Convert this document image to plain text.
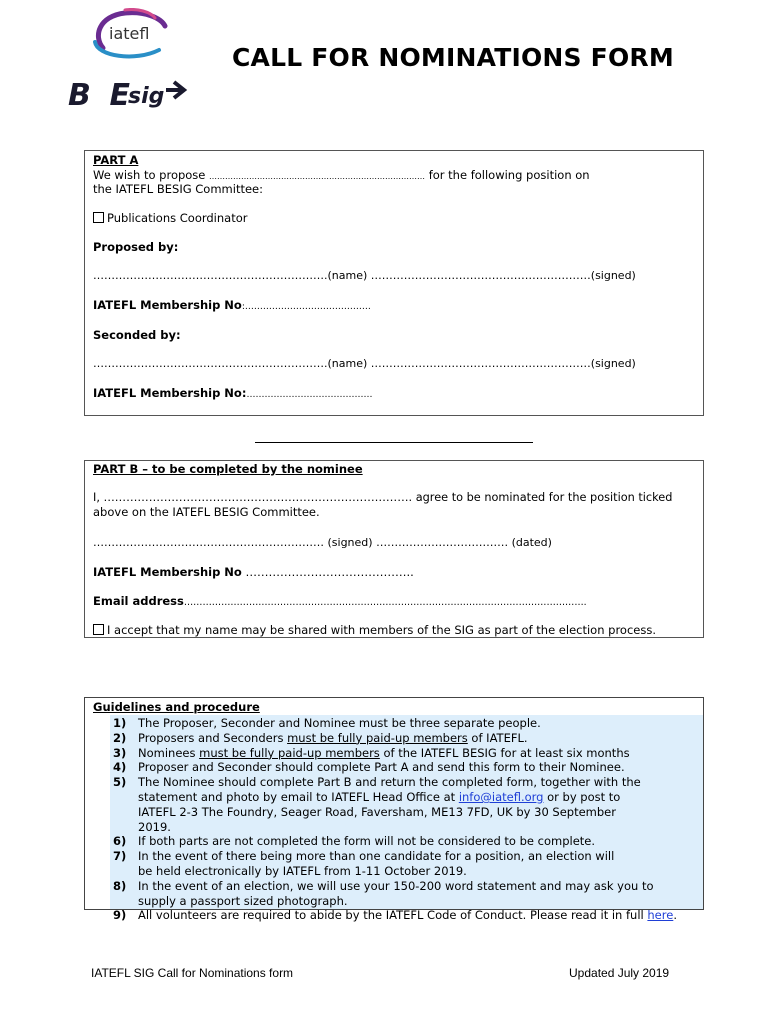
iatefl
BE
sig
CALL FOR NOMINATIONS FORM
PART A
We wish to propose ……………………………………………………………………… for the following position on
the IATEFL BESIG Committee:
Publications Coordinator
Proposed by:
……………………………………………………….(name) ……………………………………………………(signed)
IATEFL Membership No:……………………………………
Seconded by:
……………………………………………………….(name) ……………………………………………………(signed)
IATEFL Membership No:……………………………………
PART B – to be completed by the nominee
I, ………………………………………………………………………. agree to be nominated for the position ticked
above on the IATEFL BESIG Committee.
……………………………………………………… (signed) ……………………………… (dated)
IATEFL Membership No ……………………………………..
Email address………………………………………………………………………………………………………………….
I accept that my name may be shared with members of the SIG as part of the election process.
Guidelines and procedure
1) The Proposer, Seconder and Nominee must be three separate people.
2) Proposers and Seconders must be fully paid-up members of IATEFL.
3) Nominees must be fully paid-up members of the IATEFL BESIG for at least six months
4) Proposer and Seconder should complete Part A and send this form to their Nominee.
5) The Nominee should complete Part B and return the completed form, together with the statement and photo by email to IATEFL Head Office at info@iatefl.org or by post to IATEFL 2-3 The Foundry, Seager Road, Faversham, ME13 7FD, UK by 30 September 2019.
6) If both parts are not completed the form will not be considered to be complete.
7) In the event of there being more than one candidate for a position, an election will be held electronically by IATEFL from 1-11 October 2019.
8) In the event of an election, we will use your 150-200 word statement and may ask you to supply a passport sized photograph.
9) All volunteers are required to abide by the IATEFL Code of Conduct. Please read it in full here.
IATEFL SIG Call for Nominations form	Updated July 2019
